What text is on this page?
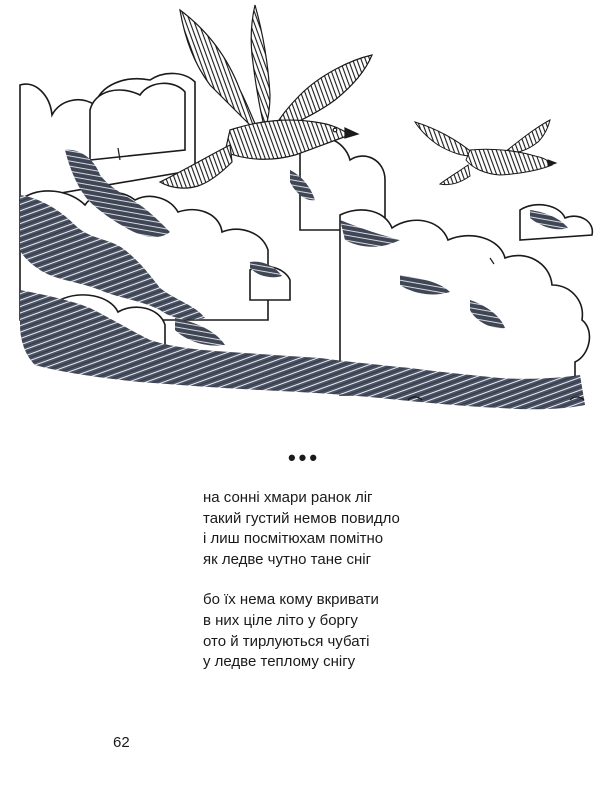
•••
на сонні хмари ранок ліг
такий густий немов повидло
і лиш посмітюхам помітно
як ледве чутно тане сніг
бо їх нема кому вкривати
в них ціле літо у боргу
ото й тирлуються чубаті
у ледве теплому снігу
62
